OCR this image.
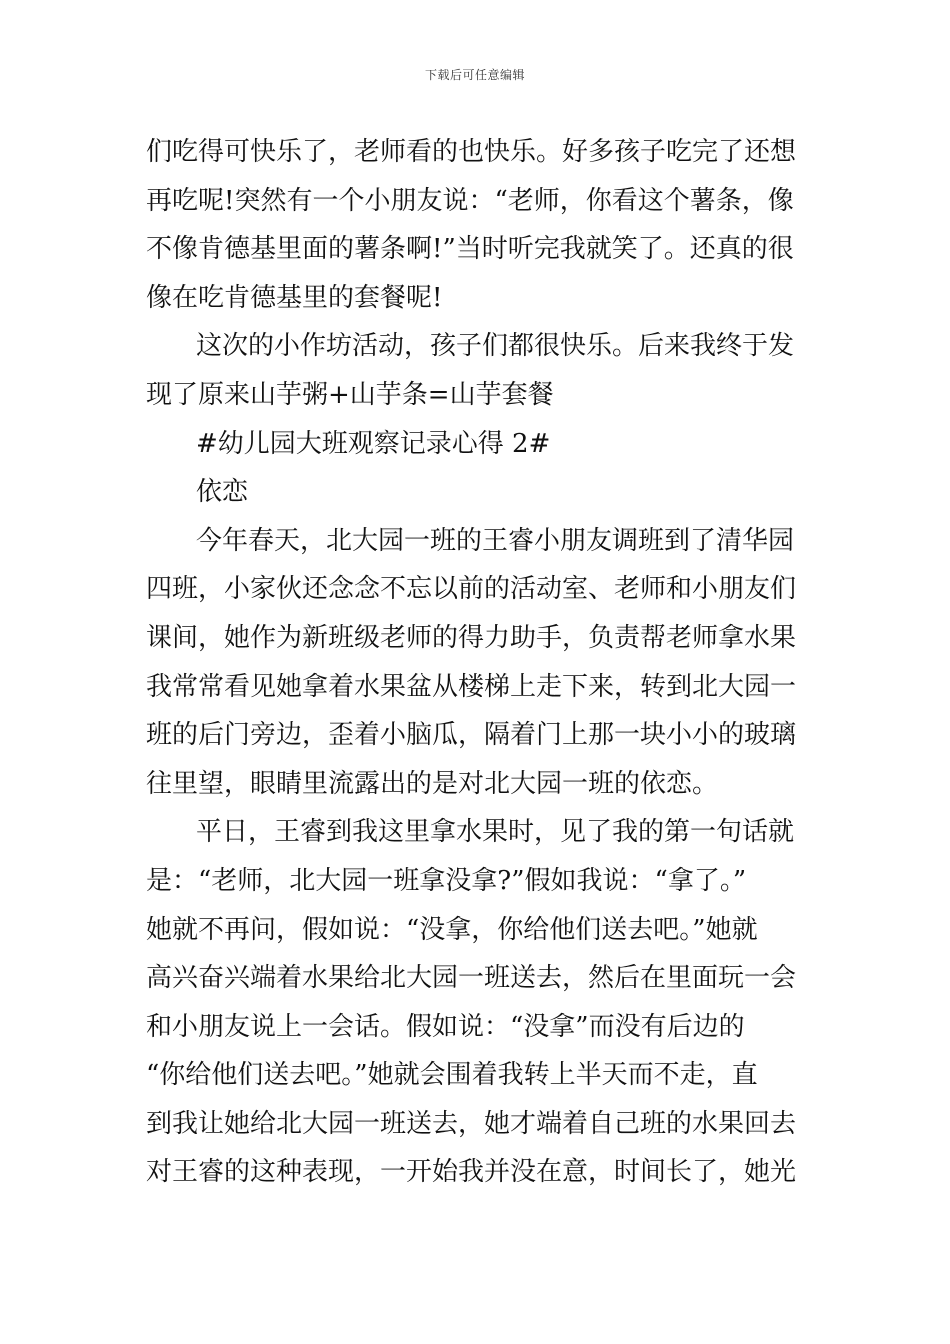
下载后可任意编辑
们吃得可快乐了，老师看的也快乐。好多孩子吃完了还想
再吃呢!突然有一个小朋友说：“老师，你看这个薯条，像
不像肯德基里面的薯条啊!”当时听完我就笑了。还真的很
像在吃肯德基里的套餐呢!
这次的小作坊活动，孩子们都很快乐。后来我终于发
现了原来山芋粥+山芋条=山芋套餐
#幼儿园大班观察记录心得 2#
依恋
今年春天，北大园一班的王睿小朋友调班到了清华园
四班，小家伙还念念不忘以前的活动室、老师和小朋友们
课间，她作为新班级老师的得力助手，负责帮老师拿水果
我常常看见她拿着水果盆从楼梯上走下来，转到北大园一
班的后门旁边，歪着小脑瓜，隔着门上那一块小小的玻璃
往里望，眼睛里流露出的是对北大园一班的依恋。
平日，王睿到我这里拿水果时，见了我的第一句话就
是：“老师，北大园一班拿没拿?”假如我说：“拿了。”
她就不再问，假如说：“没拿，你给他们送去吧。”她就
高兴奋兴端着水果给北大园一班送去，然后在里面玩一会
和小朋友说上一会话。假如说：“没拿”而没有后边的
“你给他们送去吧。”她就会围着我转上半天而不走，直
到我让她给北大园一班送去，她才端着自己班的水果回去
对王睿的这种表现，一开始我并没在意，时间长了，她光
